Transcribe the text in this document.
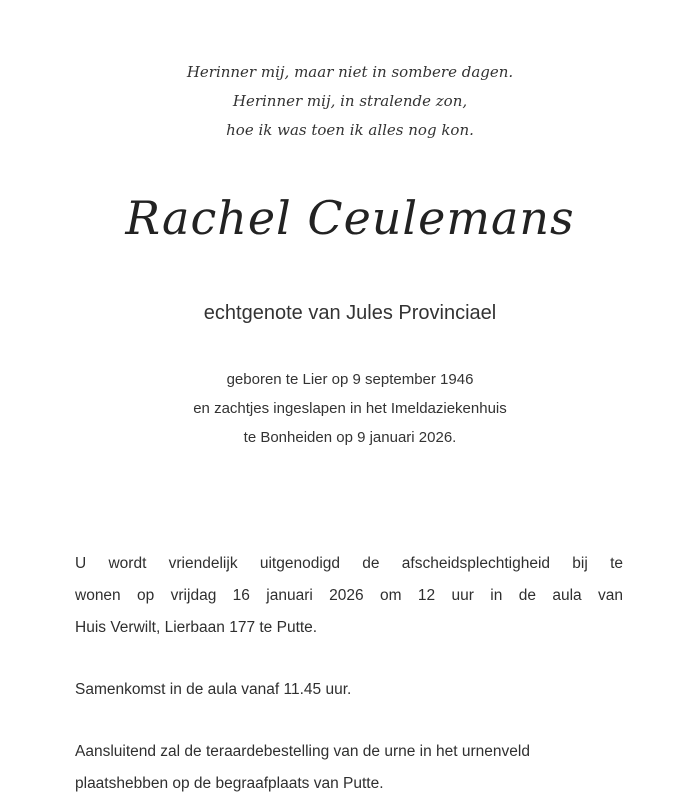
Herinner mij, maar niet in sombere dagen.
Herinner mij, in stralende zon,
hoe ik was toen ik alles nog kon.
Rachel Ceulemans
echtgenote van Jules Provinciael
geboren te Lier op 9 september 1946
en zachtjes ingeslapen in het Imeldaziekenhuis
te Bonheiden op 9 januari 2026.
U wordt vriendelijk uitgenodigd de afscheidsplechtigheid bij te
wonen op vrijdag 16 januari 2026 om 12 uur in de aula van
Huis Verwilt, Lierbaan 177 te Putte.
Samenkomst in de aula vanaf 11.45 uur.
Aansluitend zal de teraardebestelling van de urne in het urnenveld
plaatshebben op de begraafplaats van Putte.
